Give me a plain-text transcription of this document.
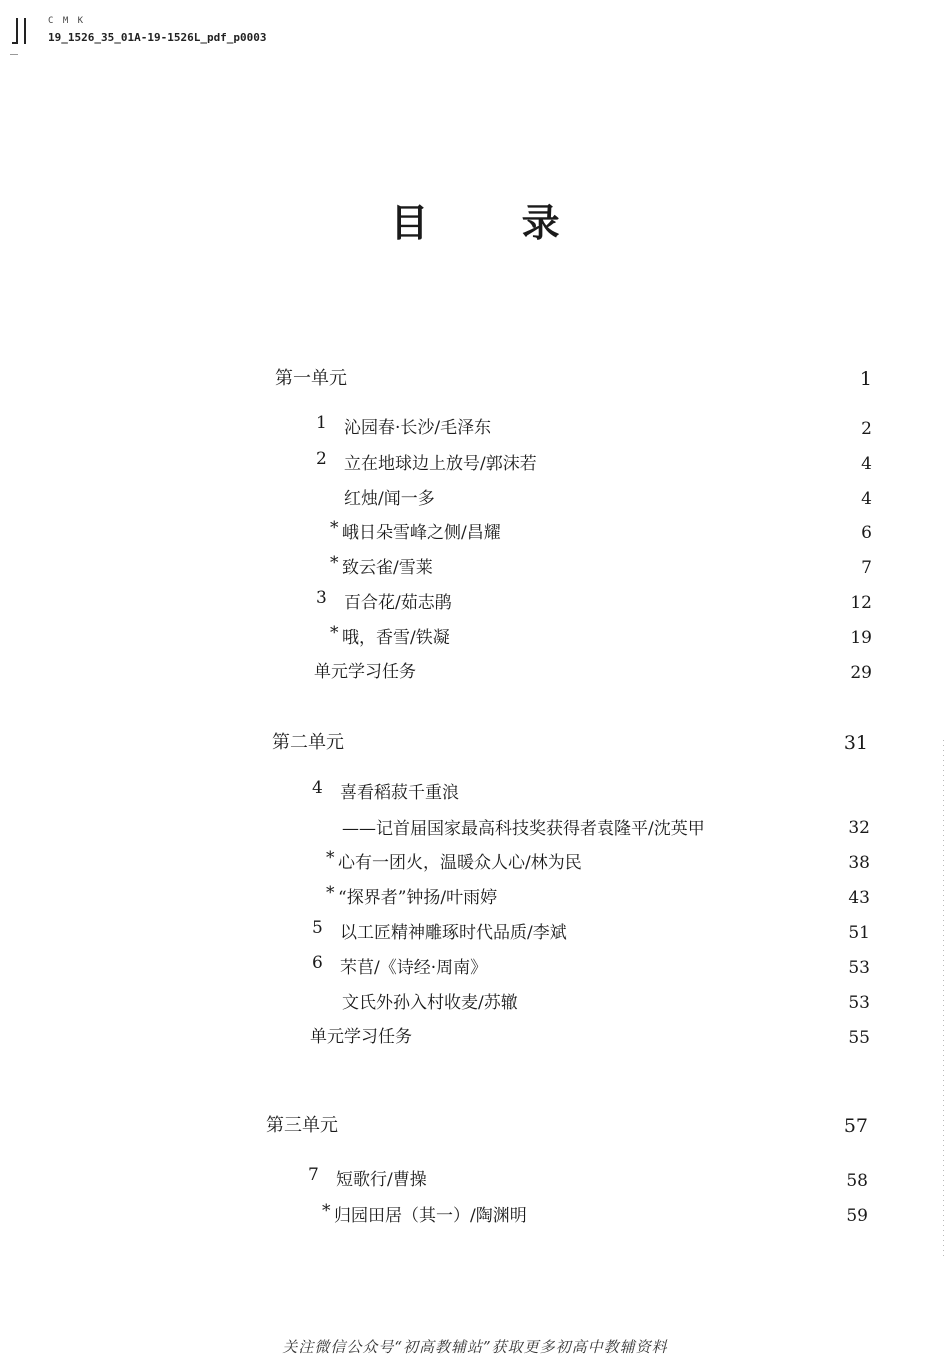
C M K
19_1526_35_01A-19-1526L_pdf_p0003
目 录
第一单元	1
1 沁园春·长沙/毛泽东	2
2 立在地球边上放号/郭沫若	4
红烛/闻一多	4
* 峨日朵雪峰之侧/昌耀	6
* 致云雀/雪莱	7
3 百合花/茹志鹃	12
* 哦，香雪/铁凝	19
单元学习任务	29
第二单元	31
4 喜看稻菽千重浪
——记首届国家最高科技奖获得者袁隆平/沈英甲	32
* 心有一团火，温暖众人心/林为民	38
* “探界者”钟扬/叶雨婷	43
5 以工匠精神雕琢时代品质/李斌	51
6 芣苢/《诗经·周南》	53
文氏外孙入村收麦/苏辙	53
单元学习任务	55
第三单元	57
7 短歌行/曹操	58
* 归园田居（其一）/陶渊明	59
关注微信公众号“初高教辅站”获取更多初高中教辅资料
